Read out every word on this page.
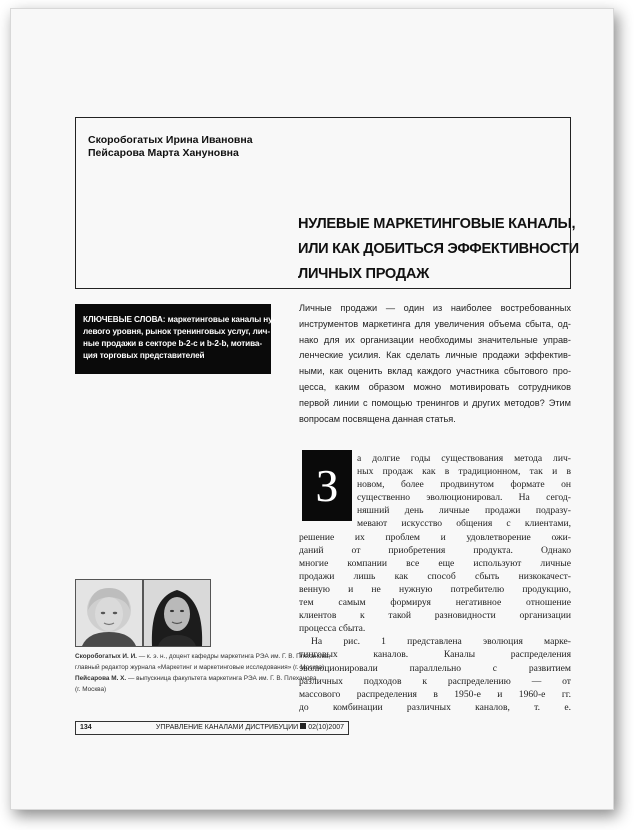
Скоробогатых Ирина Ивановна
Пейсарова Марта Хануновна
НУЛЕВЫЕ МАРКЕТИНГОВЫЕ КАНАЛЫ,
ИЛИ КАК ДОБИТЬСЯ ЭФФЕКТИВНОСТИ
ЛИЧНЫХ ПРОДАЖ
КЛЮЧЕВЫЕ СЛОВА: маркетинговые каналы ну-
левого уровня, рынок тренинговых услуг, лич-
ные продажи в секторе b-2-c и b-2-b, мотива-
ция торговых представителей
Личные продажи — один из наиболее востребованных
инструментов маркетинга для увеличения объема сбыта, од-
нако для их организации необходимы значительные управ-
ленческие усилия. Как сделать личные продажи эффектив-
ными, как оценить вклад каждого участника сбытового про-
цесса, каким образом можно мотивировать сотрудников
первой линии с помощью тренингов и других методов? Этим
вопросам посвящена данная статья.
З
а долгие годы существования метода лич-
ных продаж как в традиционном, так и в
новом, более продвинутом формате он
существенно эволюционировал. На сегод-
няшний день личные продажи подразу-
мевают искусство общения с клиентами,
решение их проблем и удовлетворение ожи-
даний от приобретения продукта. Однако
многие компании все еще используют личные
продажи лишь как способ сбыть низкокачест-
венную и не нужную потребителю продукцию,
тем самым формируя негативное отношение
клиентов к такой разновидности организации
процесса сбыта.
На рис. 1 представлена эволюция марке-
тинговых каналов. Каналы распределения
эволюционировали параллельно с развитием
различных подходов к распределению — от
массового распределения в 1950-е и 1960-е гг.
до комбинации различных каналов, т. е.
Скоробогатых И. И. — к. э. н., доцент кафедры маркетинга РЭА им. Г. В. Плеханова,
главный редактор журнала «Маркетинг и маркетинговые исследования» (г. Москва)
Пейсарова М. Х. — выпускница факультета маркетинга РЭА им. Г. В. Плеханова
(г. Москва)
134	УПРАВЛЕНИЕ КАНАЛАМИ ДИСТРИБУЦИИ 02(10)2007
